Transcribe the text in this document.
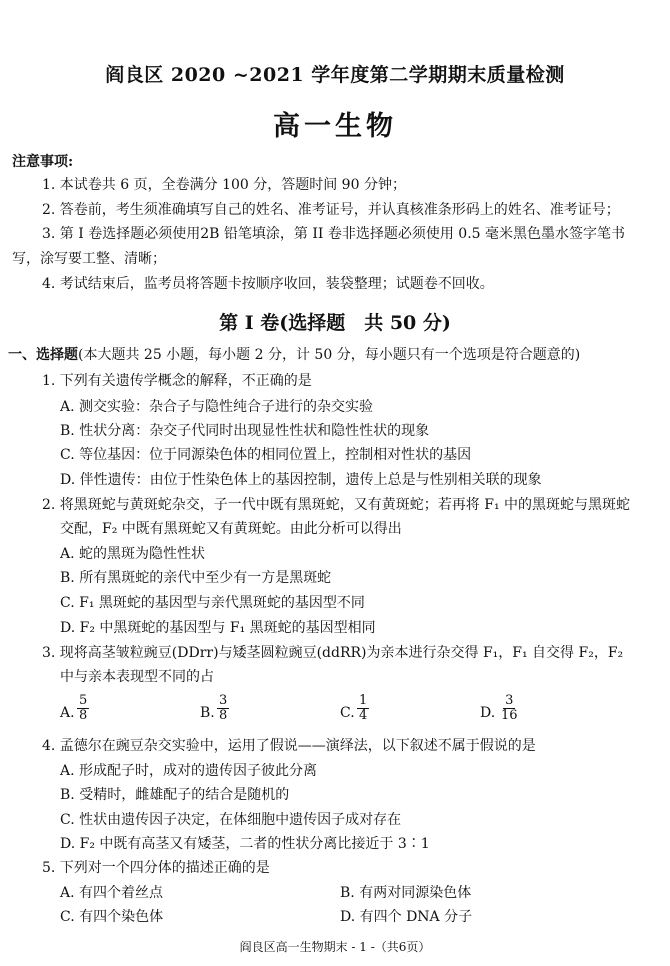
阎良区 2020 ~2021 学年度第二学期期末质量检测
高一生物
注意事项:
1. 本试卷共 6 页，全卷满分 100 分，答题时间 90 分钟；
2. 答卷前，考生须准确填写自己的姓名、准考证号，并认真核准条形码上的姓名、准考证号；
3. 第 I 卷选择题必须使用2B 铅笔填涂，第 II 卷非选择题必须使用 0.5 毫米黑色墨水签字笔书
写，涂写要工整、清晰；
4. 考试结束后，监考员将答题卡按顺序收回，装袋整理；试题卷不回收。
第 I 卷(选择题　共 50 分)
一、选择题(本大题共 25 小题，每小题 2 分，计 50 分，每小题只有一个选项是符合题意的)
1. 下列有关遗传学概念的解释，不正确的是
A. 测交实验：杂合子与隐性纯合子进行的杂交实验
B. 性状分离：杂交子代同时出现显性性状和隐性性状的现象
C. 等位基因：位于同源染色体的相同位置上，控制相对性状的基因
D. 伴性遗传：由位于性染色体上的基因控制，遗传上总是与性别相关联的现象
2. 将黑斑蛇与黄斑蛇杂交，子一代中既有黑斑蛇，又有黄斑蛇；若再将 F₁ 中的黑斑蛇与黑斑蛇
交配，F₂ 中既有黑斑蛇又有黄斑蛇。由此分析可以得出
A. 蛇的黑斑为隐性性状
B. 所有黑斑蛇的亲代中至少有一方是黑斑蛇
C. F₁ 黑斑蛇的基因型与亲代黑斑蛇的基因型不同
D. F₂ 中黑斑蛇的基因型与 F₁ 黑斑蛇的基因型相同
3. 现将高茎皱粒豌豆(DDrr)与矮茎圆粒豌豆(ddRR)为亲本进行杂交得 F₁，F₁ 自交得 F₂，F₂
中与亲本表现型不同的占
A. $\frac{5}{8}$	B. $\frac{3}{8}$	C. $\frac{1}{4}$	D. $\frac{3}{16}$
4. 孟德尔在豌豆杂交实验中，运用了假说——演绎法，以下叙述不属于假说的是
A. 形成配子时，成对的遗传因子彼此分离
B. 受精时，雌雄配子的结合是随机的
C. 性状由遗传因子决定，在体细胞中遗传因子成对存在
D. F₂ 中既有高茎又有矮茎，二者的性状分离比接近于 3∶1
5. 下列对一个四分体的描述正确的是
A. 有四个着丝点	B. 有两对同源染色体
C. 有四个染色体	D. 有四个 DNA 分子
阎良区高一生物期末 - 1 -（共6页）
